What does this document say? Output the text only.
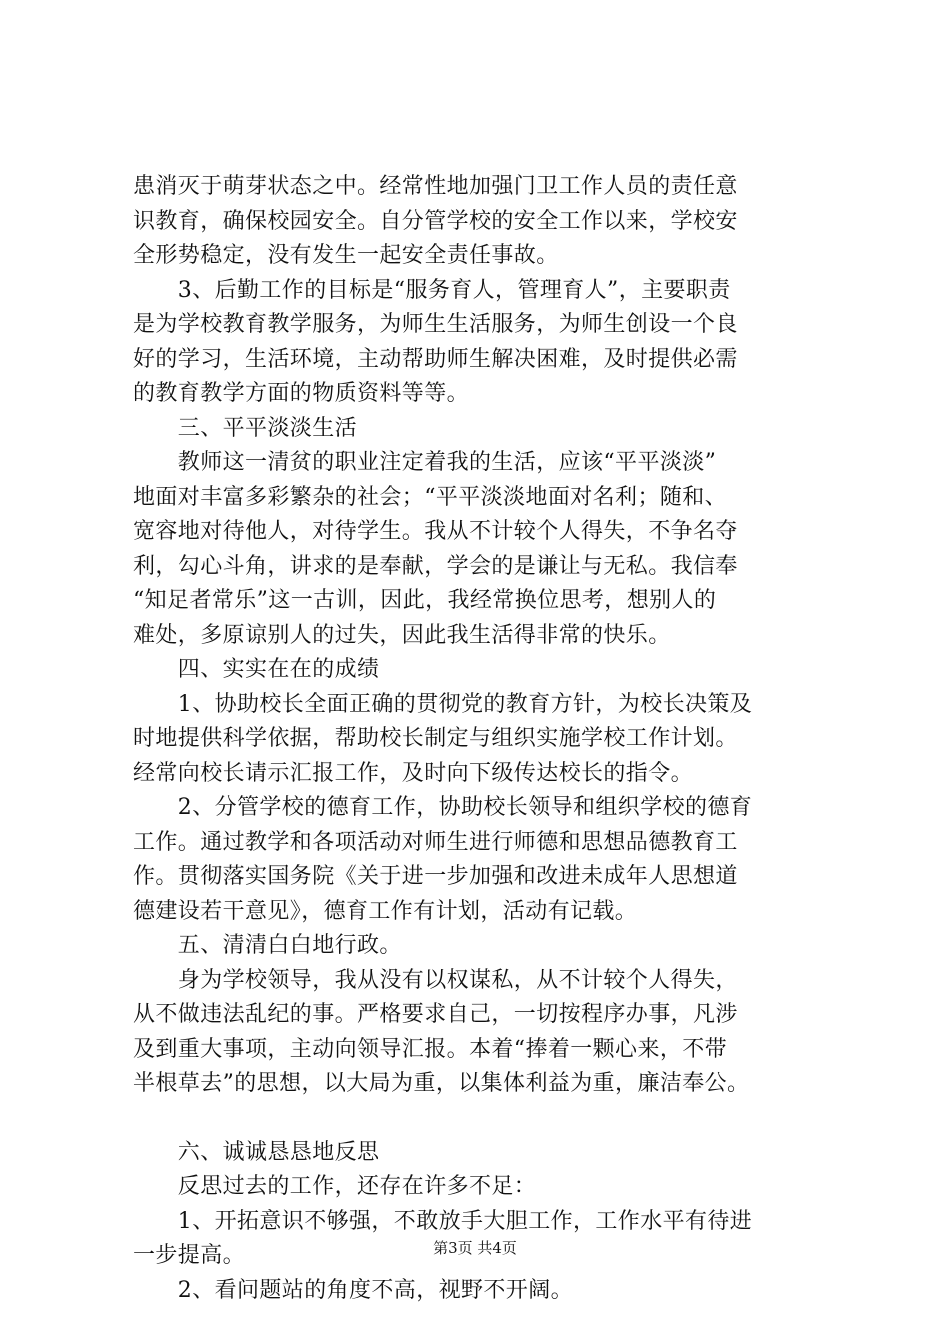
患消灭于萌芽状态之中。经常性地加强门卫工作人员的责任意
识教育，确保校园安全。自分管学校的安全工作以来，学校安
全形势稳定，没有发生一起安全责任事故。
　　3、后勤工作的目标是“服务育人，管理育人”，主要职责
是为学校教育教学服务，为师生生活服务，为师生创设一个良
好的学习，生活环境，主动帮助师生解决困难，及时提供必需
的教育教学方面的物质资料等等。
　　三、平平淡淡生活
　　教师这一清贫的职业注定着我的生活，应该“平平淡淡”
地面对丰富多彩繁杂的社会；“平平淡淡地面对名利；随和、
宽容地对待他人，对待学生。我从不计较个人得失，不争名夺
利，勾心斗角，讲求的是奉献，学会的是谦让与无私。我信奉
“知足者常乐”这一古训，因此，我经常换位思考，想别人的
难处，多原谅别人的过失，因此我生活得非常的快乐。
　　四、实实在在的成绩
　　1、协助校长全面正确的贯彻党的教育方针，为校长决策及
时地提供科学依据，帮助校长制定与组织实施学校工作计划。
经常向校长请示汇报工作，及时向下级传达校长的指令。
　　2、分管学校的德育工作，协助校长领导和组织学校的德育
工作。通过教学和各项活动对师生进行师德和思想品德教育工
作。贯彻落实国务院《关于进一步加强和改进未成年人思想道
德建设若干意见》，德育工作有计划，活动有记载。
　　五、清清白白地行政。
　　身为学校领导，我从没有以权谋私，从不计较个人得失，
从不做违法乱纪的事。严格要求自己，一切按程序办事，凡涉
及到重大事项，主动向领导汇报。本着“捧着一颗心来，不带
半根草去”的思想，以大局为重，以集体利益为重，廉洁奉公。
　　六、诚诚恳恳地反思
　　反思过去的工作，还存在许多不足：
　　1、开拓意识不够强，不敢放手大胆工作，工作水平有待进
一步提高。
　　2、看问题站的角度不高，视野不开阔。
第3页 共4页
